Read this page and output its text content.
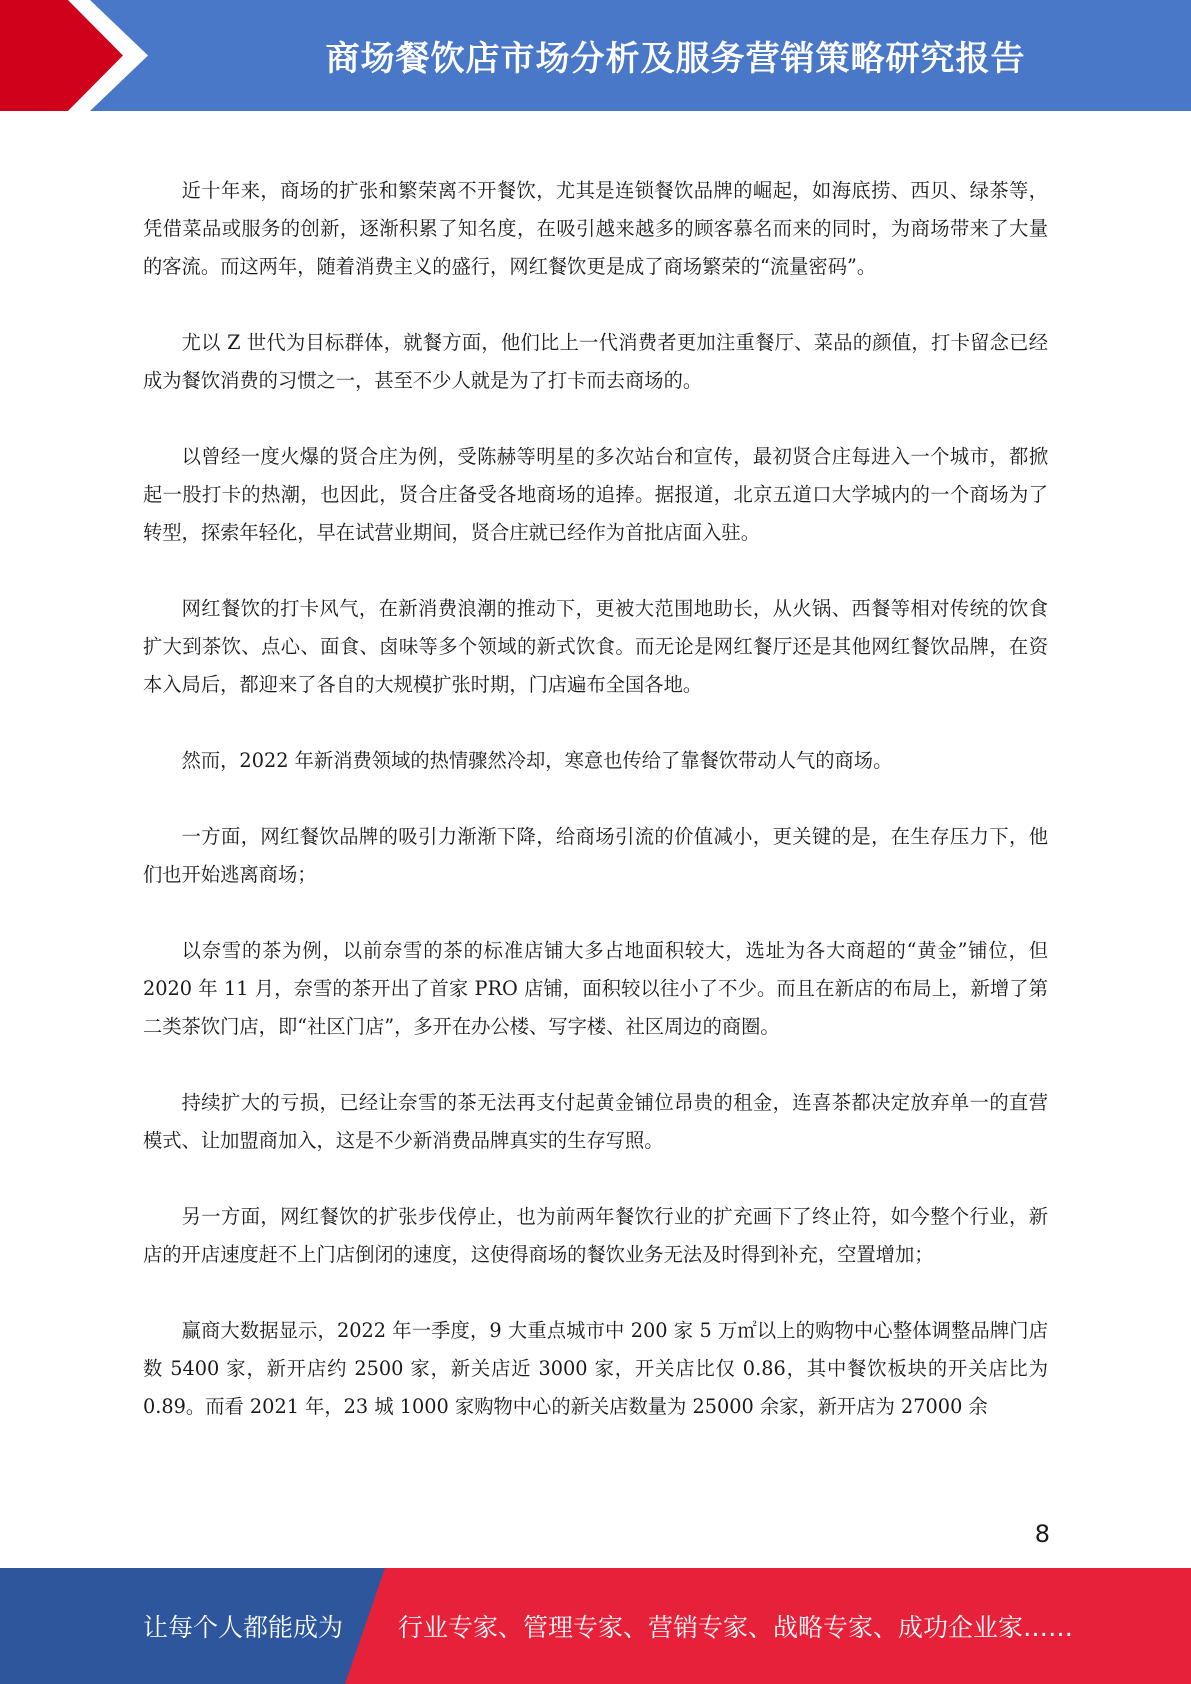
商场餐饮店市场分析及服务营销策略研究报告

近十年来，商场的扩张和繁荣离不开餐饮，尤其是连锁餐饮品牌的崛起，如海底捞、西贝、绿茶等，凭借菜品或服务的创新，逐渐积累了知名度，在吸引越来越多的顾客慕名而来的同时，为商场带来了大量的客流。而这两年，随着消费主义的盛行，网红餐饮更是成了商场繁荣的“流量密码”。

尤以 Z 世代为目标群体，就餐方面，他们比上一代消费者更加注重餐厅、菜品的颜值，打卡留念已经成为餐饮消费的习惯之一，甚至不少人就是为了打卡而去商场的。

以曾经一度火爆的贤合庄为例，受陈赫等明星的多次站台和宣传，最初贤合庄每进入一个城市，都掀起一股打卡的热潮，也因此，贤合庄备受各地商场的追捧。据报道，北京五道口大学城内的一个商场为了转型，探索年轻化，早在试营业期间，贤合庄就已经作为首批店面入驻。

网红餐饮的打卡风气，在新消费浪潮的推动下，更被大范围地助长，从火锅、西餐等相对传统的饮食扩大到茶饮、点心、面食、卤味等多个领域的新式饮食。而无论是网红餐厅还是其他网红餐饮品牌，在资本入局后，都迎来了各自的大规模扩张时期，门店遍布全国各地。

然而，2022 年新消费领域的热情骤然冷却，寒意也传给了靠餐饮带动人气的商场。

一方面，网红餐饮品牌的吸引力渐渐下降，给商场引流的价值减小，更关键的是，在生存压力下，他们也开始逃离商场；

以奈雪的茶为例，以前奈雪的茶的标准店铺大多占地面积较大，选址为各大商超的“黄金”铺位，但 2020 年 11 月，奈雪的茶开出了首家 PRO 店铺，面积较以往小了不少。而且在新店的布局上，新增了第二类茶饮门店，即“社区门店”，多开在办公楼、写字楼、社区周边的商圈。

持续扩大的亏损，已经让奈雪的茶无法再支付起黄金铺位昂贵的租金，连喜茶都决定放弃单一的直营模式、让加盟商加入，这是不少新消费品牌真实的生存写照。

另一方面，网红餐饮的扩张步伐停止，也为前两年餐饮行业的扩充画下了终止符，如今整个行业，新店的开店速度赶不上门店倒闭的速度，这使得商场的餐饮业务无法及时得到补充，空置增加；

赢商大数据显示，2022 年一季度，9 大重点城市中 200 家 5 万㎡以上的购物中心整体调整品牌门店数 5400 家，新开店约 2500 家，新关店近 3000 家，开关店比仅 0.86，其中餐饮板块的开关店比为 0.89。而看 2021 年，23 城 1000 家购物中心的新关店数量为 25000 余家，新开店为 27000 余

8
让每个人都能成为 行业专家、管理专家、营销专家、战略专家、成功企业家……
